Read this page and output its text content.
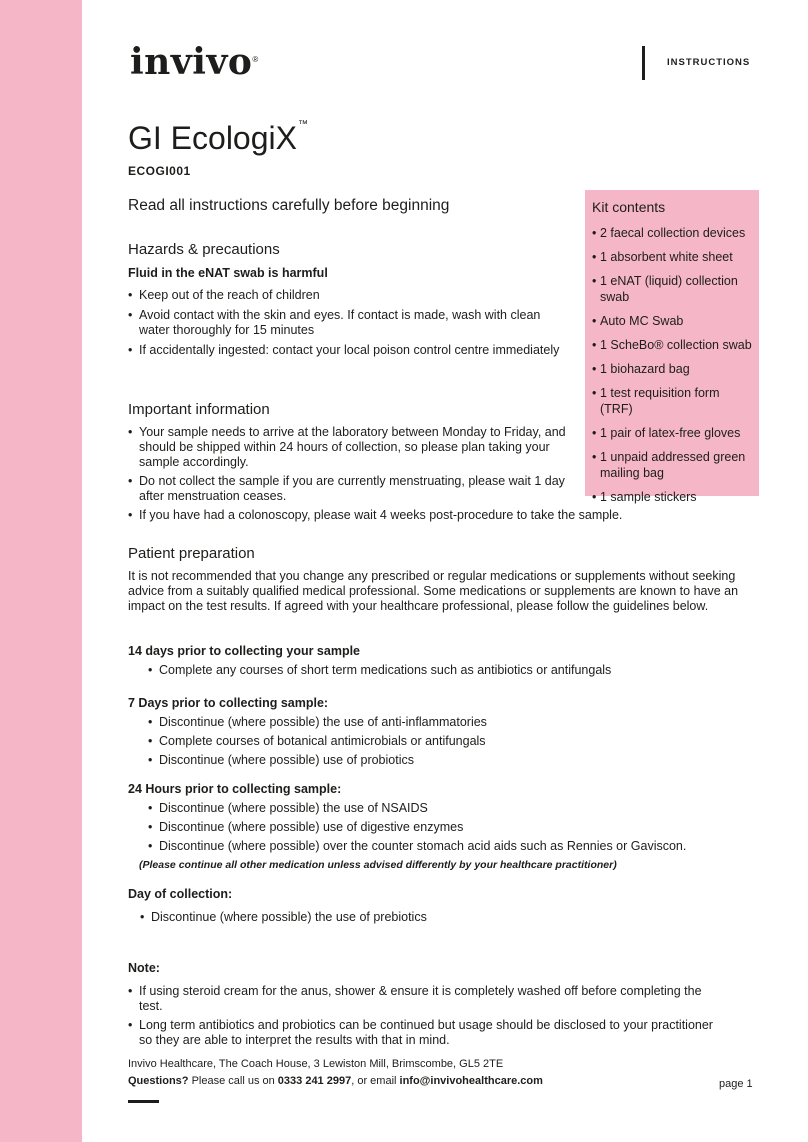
invivo®	INSTRUCTIONS
GI EcologiX™
ECOGI001
Read all instructions carefully before beginning
Hazards & precautions
Fluid in the eNAT swab is harmful
• Keep out of the reach of children
• Avoid contact with the skin and eyes. If contact is made, wash with clean water thoroughly for 15 minutes
• If accidentally ingested: contact your local poison control centre immediately
Important information
• Your sample needs to arrive at the laboratory between Monday to Friday, and should be shipped within 24 hours of collection, so please plan taking your sample accordingly.
• Do not collect the sample if you are currently menstruating, please wait 1 day after menstruation ceases.
• If you have had a colonoscopy, please wait 4 weeks post-procedure to take the sample.
Kit contents
• 2 faecal collection devices
• 1 absorbent white sheet
• 1 eNAT (liquid) collection swab
• Auto MC Swab
• 1 ScheBo® collection swab
• 1 biohazard bag
• 1 test requisition form (TRF)
• 1 pair of latex-free gloves
• 1 unpaid addressed green mailing bag
• 1 sample stickers
Patient preparation
It is not recommended that you change any prescribed or regular medications or supplements without seeking advice from a suitably qualified medical professional. Some medications or supplements are known to have an impact on the test results. If agreed with your healthcare professional, please follow the guidelines below.
14 days prior to collecting your sample
• Complete any courses of short term medications such as antibiotics or antifungals
7 Days prior to collecting sample:
• Discontinue (where possible) the use of anti-inflammatories
• Complete courses of botanical antimicrobials or antifungals
• Discontinue (where possible) use of probiotics
24 Hours prior to collecting sample:
• Discontinue (where possible) the use of NSAIDS
• Discontinue (where possible) use of digestive enzymes
• Discontinue (where possible) over the counter stomach acid aids such as Rennies or Gaviscon.
(Please continue all other medication unless advised differently by your healthcare practitioner)
Day of collection:
• Discontinue (where possible) the use of prebiotics
Note:
• If using steroid cream for the anus, shower & ensure it is completely washed off before completing the test.
• Long term antibiotics and probiotics can be continued but usage should be disclosed to your practitioner so they are able to interpret the results with that in mind.
Invivo Healthcare, The Coach House, 3 Lewiston Mill, Brimscombe, GL5 2TE
Questions? Please call us on 0333 241 2997, or email info@invivohealthcare.com	page 1
